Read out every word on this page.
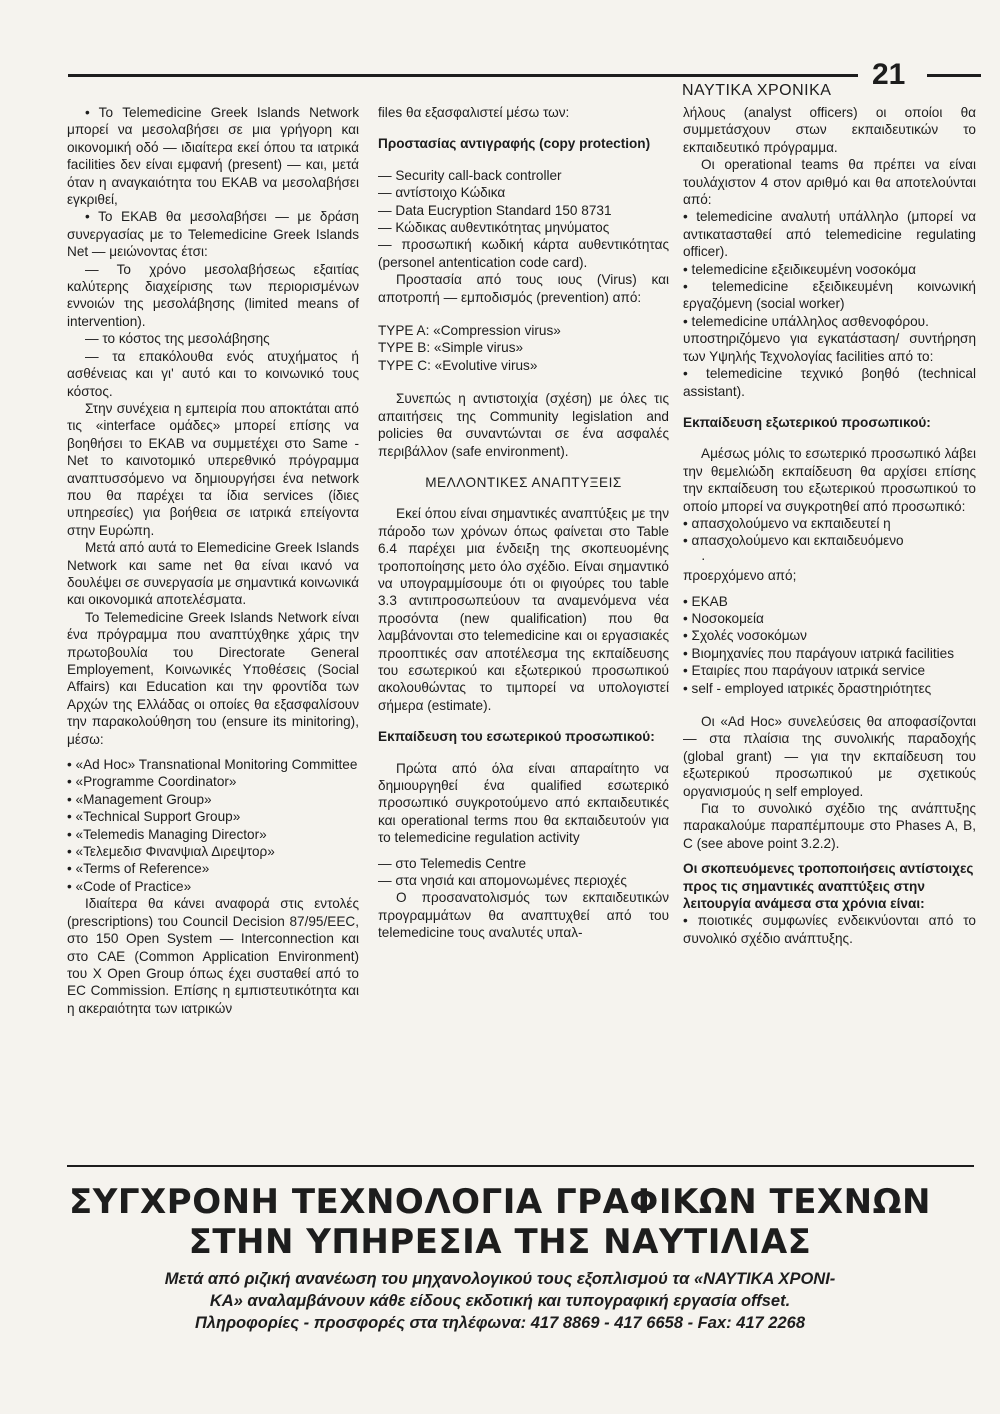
ΝΑΥΤΙΚΑ ΧΡΟΝΙΚΑ 21

• Το Telemedicine Greek Islands Network μπορεί να μεσολαβήσει σε μια γρήγορη και οικονομική οδό — ιδιαίτερα εκεί όπου τα ιατρικά facilities δεν είναι εμφανή (present) — και, μετά όταν η αναγκαιότητα του ΕΚΑΒ να μεσολαβήσει εγκριθεί,

• Το ΕΚΑΒ θα μεσολαβήσει — με δράση συνεργασίας με το Telemedicine Greek Islands Net — μειώνοντας έτσι:

— Το χρόνο μεσολαβήσεως εξαιτίας καλύτερης διαχείρισης των περιορισμένων εννοιών της μεσολάβησης (limited means of intervention).

— το κόστος της μεσολάβησης

— τα επακόλουθα ενός ατυχήματος ή ασθένειας και γι' αυτό και το κοινωνικό τους κόστος.

Στην συνέχεια η εμπειρία που αποκτάται από τις «interface ομάδες» μπορεί επίσης να βοηθήσει το ΕΚΑΒ να συμμετέχει στο Same -Net το καινοτομικό υπερεθνικό πρόγραμμα αναπτυσσόμενο να δημιουργήσει ένα network που θα παρέχει τα ίδια services (ίδιες υπηρεσίες) για βοήθεια σε ιατρικά επείγοντα στην Ευρώπη.

Μετά από αυτά το Elemedicine Greek Islands Network και same net θα είναι ικανό να δουλέψει σε συνεργασία με σημαντικά κοινωνικά και οικονομικά αποτελέσματα.

Το Telemedicine Greek Islands Network είναι ένα πρόγραμμα που αναπτύχθηκε χάρις την πρωτοβουλία του Directorate General Employement, Κοινωνικές Υποθέσεις (Social Affairs) και Education και την φροντίδα των Αρχών της Ελλάδας οι οποίες θα εξασφαλίσουν την παρακολούθηση του (ensure its minitoring), μέσω:

• «Ad Hoc» Transnational Monitoring Committee

• «Programme Coordinator»

• «Management Group»

• «Technical Support Group»

• «Telemedis Managing Director»

• «Τελεμεδισ Φινανψιαλ Διρεψτορ»

• «Terms of Reference»

• «Code of Practice»

Ιδιαίτερα θα κάνει αναφορά στις εντολές (prescriptions) του Council Decision 87/95/EEC, στο 150 Open System — Interconnection και στο CAE (Common Application Environment) του X Open Group όπως έχει συσταθεί από το EC Commission. Επίσης η εμπιστευτικότητα και η ακεραιότητα των ιατρικών

files θα εξασφαλιστεί μέσω των:

Προστασίας αντιγραφής (copy protection)

— Security call-back controller

— αντίστοιχο Κώδικα

— Data Eucryption Standard 150 8731

— Κώδικας αυθεντικότητας μηνύματος

— προσωπική κωδική κάρτα αυθεντικότητας (personel antentication code card).

Προστασία από τους ιους (Virus) και αποτροπή — εμποδισμός (prevention) από:

TYPE A: «Compression virus»

TYPE B: «Simple virus»

TYPE C: «Evolutive virus»

Συνεπώς η αντιστοιχία (σχέση) με όλες τις απαιτήσεις της Community legislation and policies θα συναντώνται σε ένα ασφαλές περιβάλλον (safe environment).

ΜΕΛΛΟΝΤΙΚΕΣ ΑΝΑΠΤΥΞΕΙΣ

Εκεί όπου είναι σημαντικές αναπτύξεις με την πάροδο των χρόνων όπως φαίνεται στο Table 6.4 παρέχει μια ένδειξη της σκοπευομένης τροποποίησης μετο όλο σχέδιο. Είναι σημαντικό να υπογραμμίσουμε ότι οι φιγούρες του table 3.3 αντιπροσωπεύουν τα αναμενόμενα νέα προσόντα (new qualification) που θα λαμβάνονται στο telemedicine και οι εργασιακές προοπτικές σαν αποτέλεσμα της εκπαίδευσης του εσωτερικού και εξωτερικού προσωπικού ακολουθώντας το τιμπορεί να υπολογιστεί σήμερα (estimate).

Εκπαίδευση του εσωτερικού προσωπικού:

Πρώτα από όλα είναι απαραίτητο να δημιουργηθεί ένα qualified εσωτερικό προσωπικό συγκροτούμενο από εκπαιδευτικές και operational terms που θα εκπαιδευτούν για το telemedicine regulation activity

— στο Telemedis Centre

— στα νησιά και απομονωμένες περιοχές

Ο προσανατολισμός των εκπαιδευτικών προγραμμάτων θα αναπτυχθεί από του telemedicine τους αναλυτές υπαλ-

λήλους (analyst officers) οι οποίοι θα συμμετάσχουν στων εκπαιδευτικών το εκπαιδευτικό πρόγραμμα.

Οι operational teams θα πρέπει να είναι τουλάχιστον 4 στον αριθμό και θα αποτελούνται από:

• telemedicine αναλυτή υπάλληλο (μπορεί να αντικατασταθεί από telemedicine regulating officer).

• telemedicine εξειδικευμένη νοσοκόμα

• telemedicine εξειδικευμένη κοινωνική εργαζόμενη (social worker)

• telemedicine υπάλληλος ασθενοφόρου.

υποστηριζόμενο για εγκατάσταση/ συντήρηση των Υψηλής Τεχνολογίας facilities από το:

• telemedicine τεχνικό βοηθό (technical assistant).

Εκπαίδευση εξωτερικού προσωπικού:

Αμέσως μόλις το εσωτερικό προσωπικό λάβει την θεμελιώδη εκπαίδευση θα αρχίσει επίσης την εκπαίδευση του εξωτερικού προσωπικού το οποίο μπορεί να συγκροτηθεί από προσωπικό:

• απασχολούμενο να εκπαιδευτεί η

• απασχολούμενο και εκπαιδευόμενο

·

προερχόμενο από;

• ΕΚΑΒ

• Νοσοκομεία

• Σχολές νοσοκόμων

• Βιομηχανίες που παράγουν ιατρικά facilities

• Εταιρίες που παράγουν ιατρικά service

• self - employed ιατρικές δραστηριότητες

Οι «Ad Hoc» συνελεύσεις θα αποφασίζονται — στα πλαίσια της συνολικής παραδοχής (global grant) — για την εκπαίδευση του εξωτερικού προσωπικού με σχετικούς οργανισμούς η self employed.

Για το συνολικό σχέδιο της ανάπτυξης παρακαλούμε παραπέμπουμε στο Phases A, B, C (see above point 3.2.2).

Οι σκοπευόμενες τροποποιήσεις αντίστοιχες προς τις σημαντικές αναπτύξεις στην λειτουργία ανάμεσα στα χρόνια είναι:

• ποιοτικές συμφωνίες ενδεικνύονται από το συνολικό σχέδιο ανάπτυξης.

ΣΥΓΧΡΟΝΗ ΤΕΧΝΟΛΟΓΙΑ ΓΡΑΦΙΚΩΝ ΤΕΧΝΩΝ
ΣΤΗΝ ΥΠΗΡΕΣΙΑ ΤΗΣ ΝΑΥΤΙΛΙΑΣ
Μετά από ριζική ανανέωση του μηχανολογικού τους εξοπλισμού τα «ΝΑΥΤΙΚΑ ΧΡΟΝΙ-
ΚΑ» αναλαμβάνουν κάθε είδους εκδοτική και τυπογραφική εργασία offset.
Πληροφορίες - προσφορές στα τηλέφωνα: 417 8869 - 417 6658 - Fax: 417 2268
